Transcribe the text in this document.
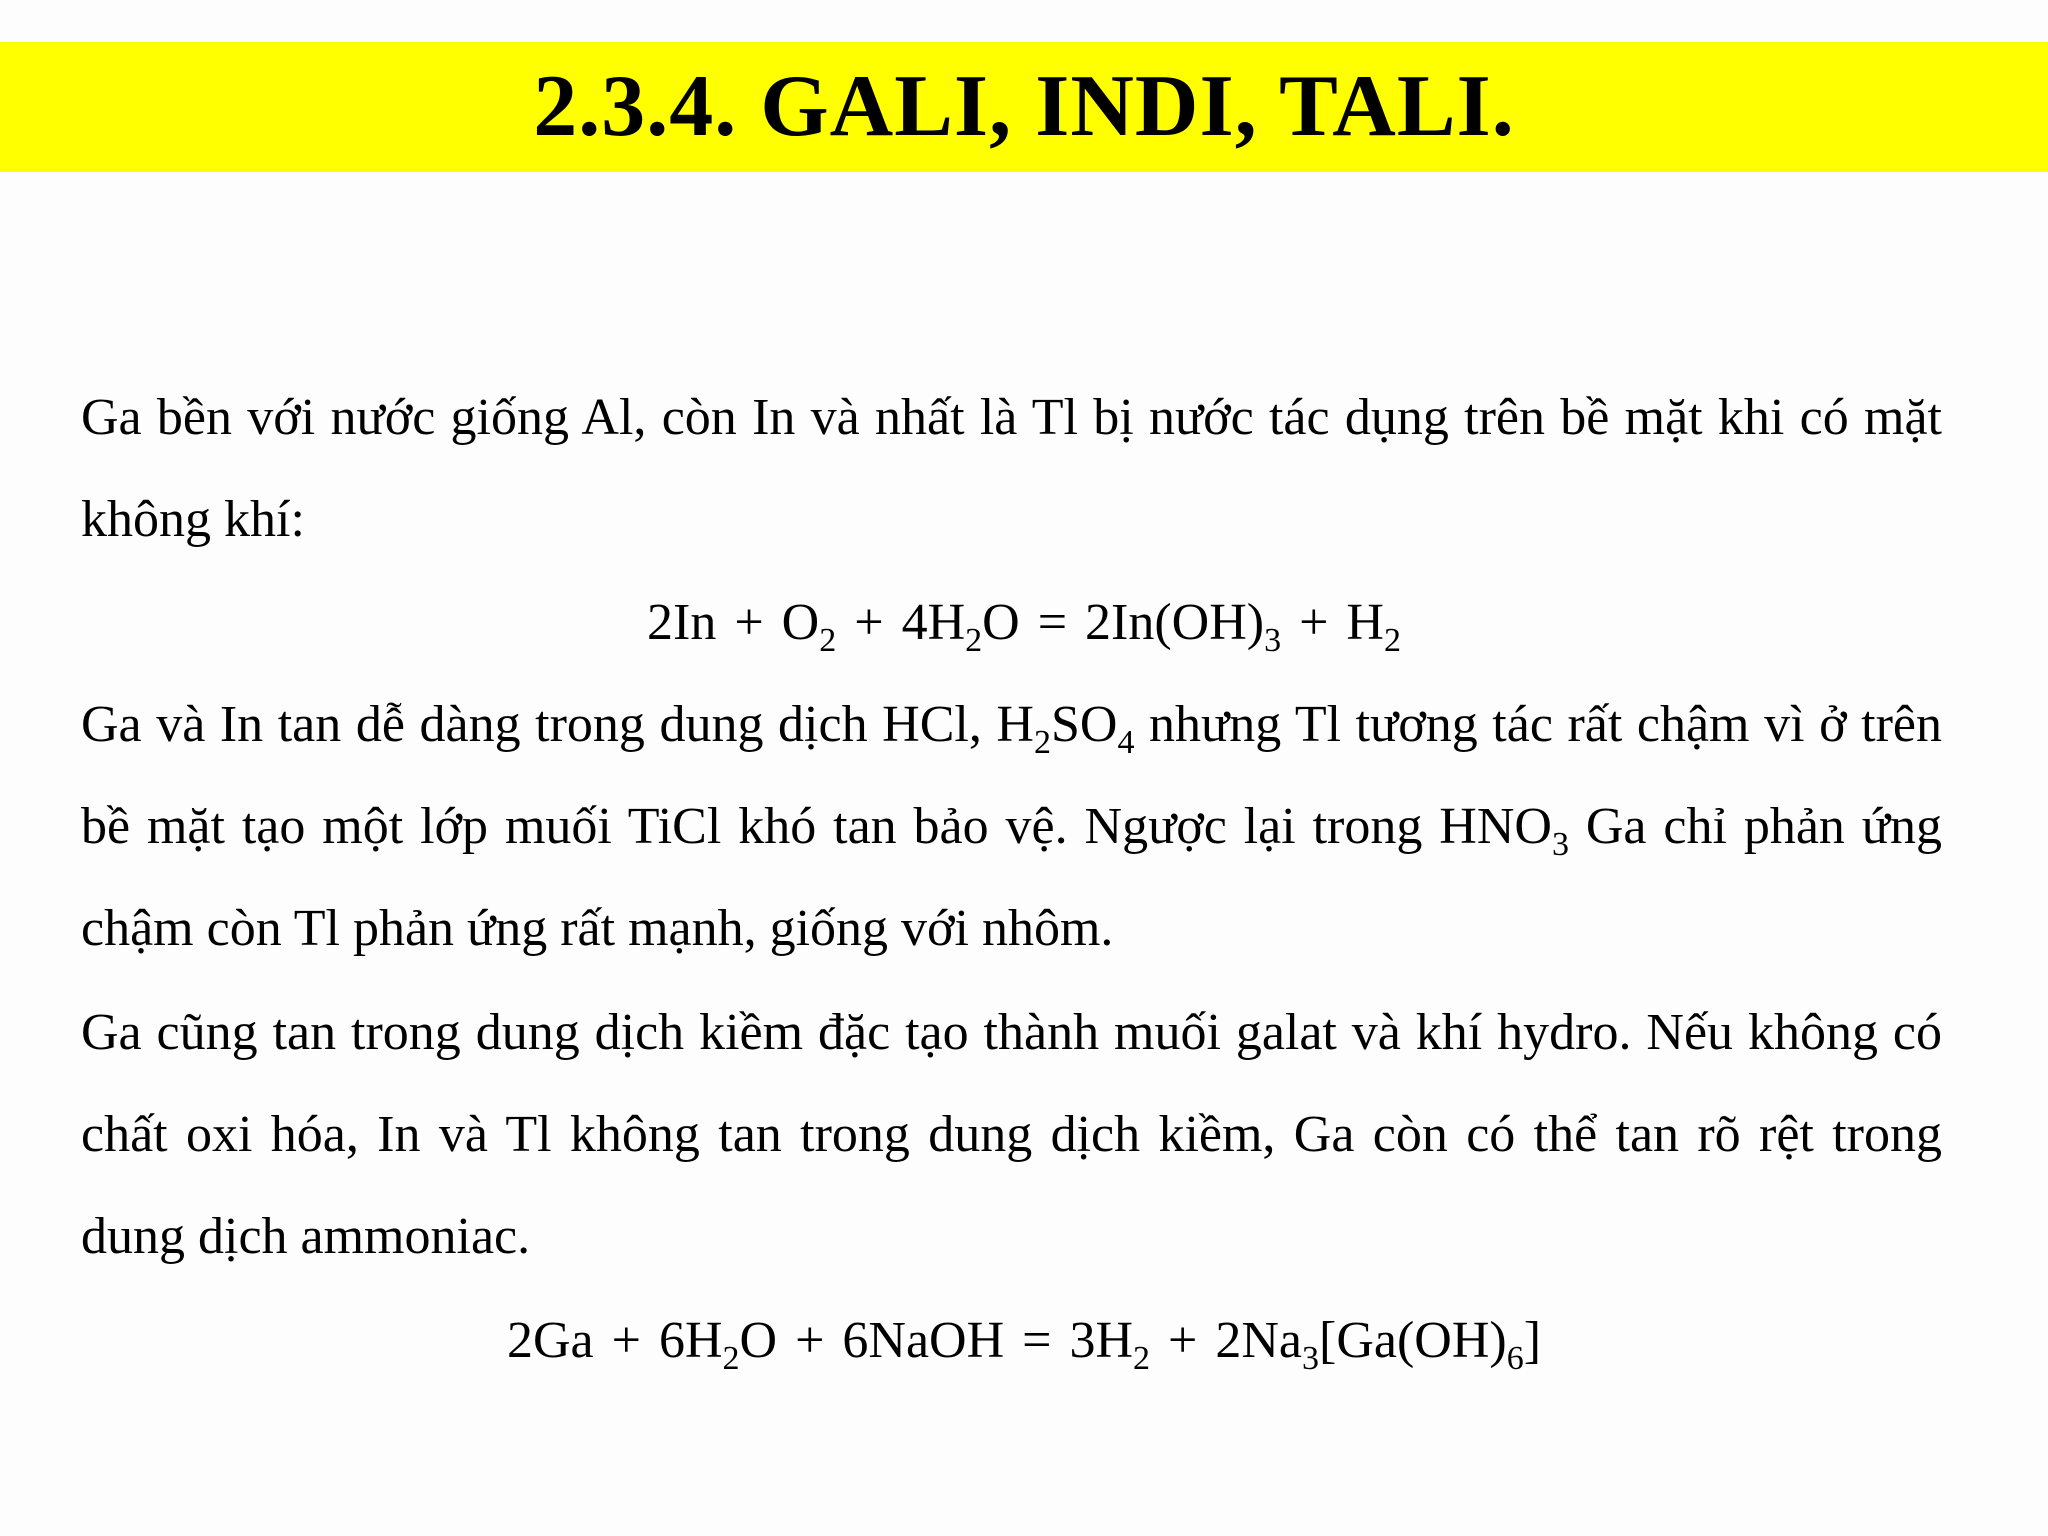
2.3.4. GALI, INDI, TALI.

Ga bền với nước giống Al, còn In và nhất là Tl bị nước tác dụng trên bề mặt khi có mặt không khí:

$2In + O_2 + 4H_2O = 2In(OH)_3 + H_2$

Ga và In tan dễ dàng trong dung dịch HCl, $H_2SO_4$ nhưng Tl tương tác rất chậm vì ở trên bề mặt tạo một lớp muối TiCl khó tan bảo vệ. Ngược lại trong $HNO_3$ Ga chỉ phản ứng chậm còn Tl phản ứng rất mạnh, giống với nhôm.

Ga cũng tan trong dung dịch kiềm đặc tạo thành muối galat và khí hydro. Nếu không có chất oxi hóa, In và Tl không tan trong dung dịch kiềm, Ga còn có thể tan rõ rệt trong dung dịch ammoniac.

$2Ga + 6H_2O$ + 6NaOH = $3H_2 + 2Na_3[Ga(OH)_6]$
